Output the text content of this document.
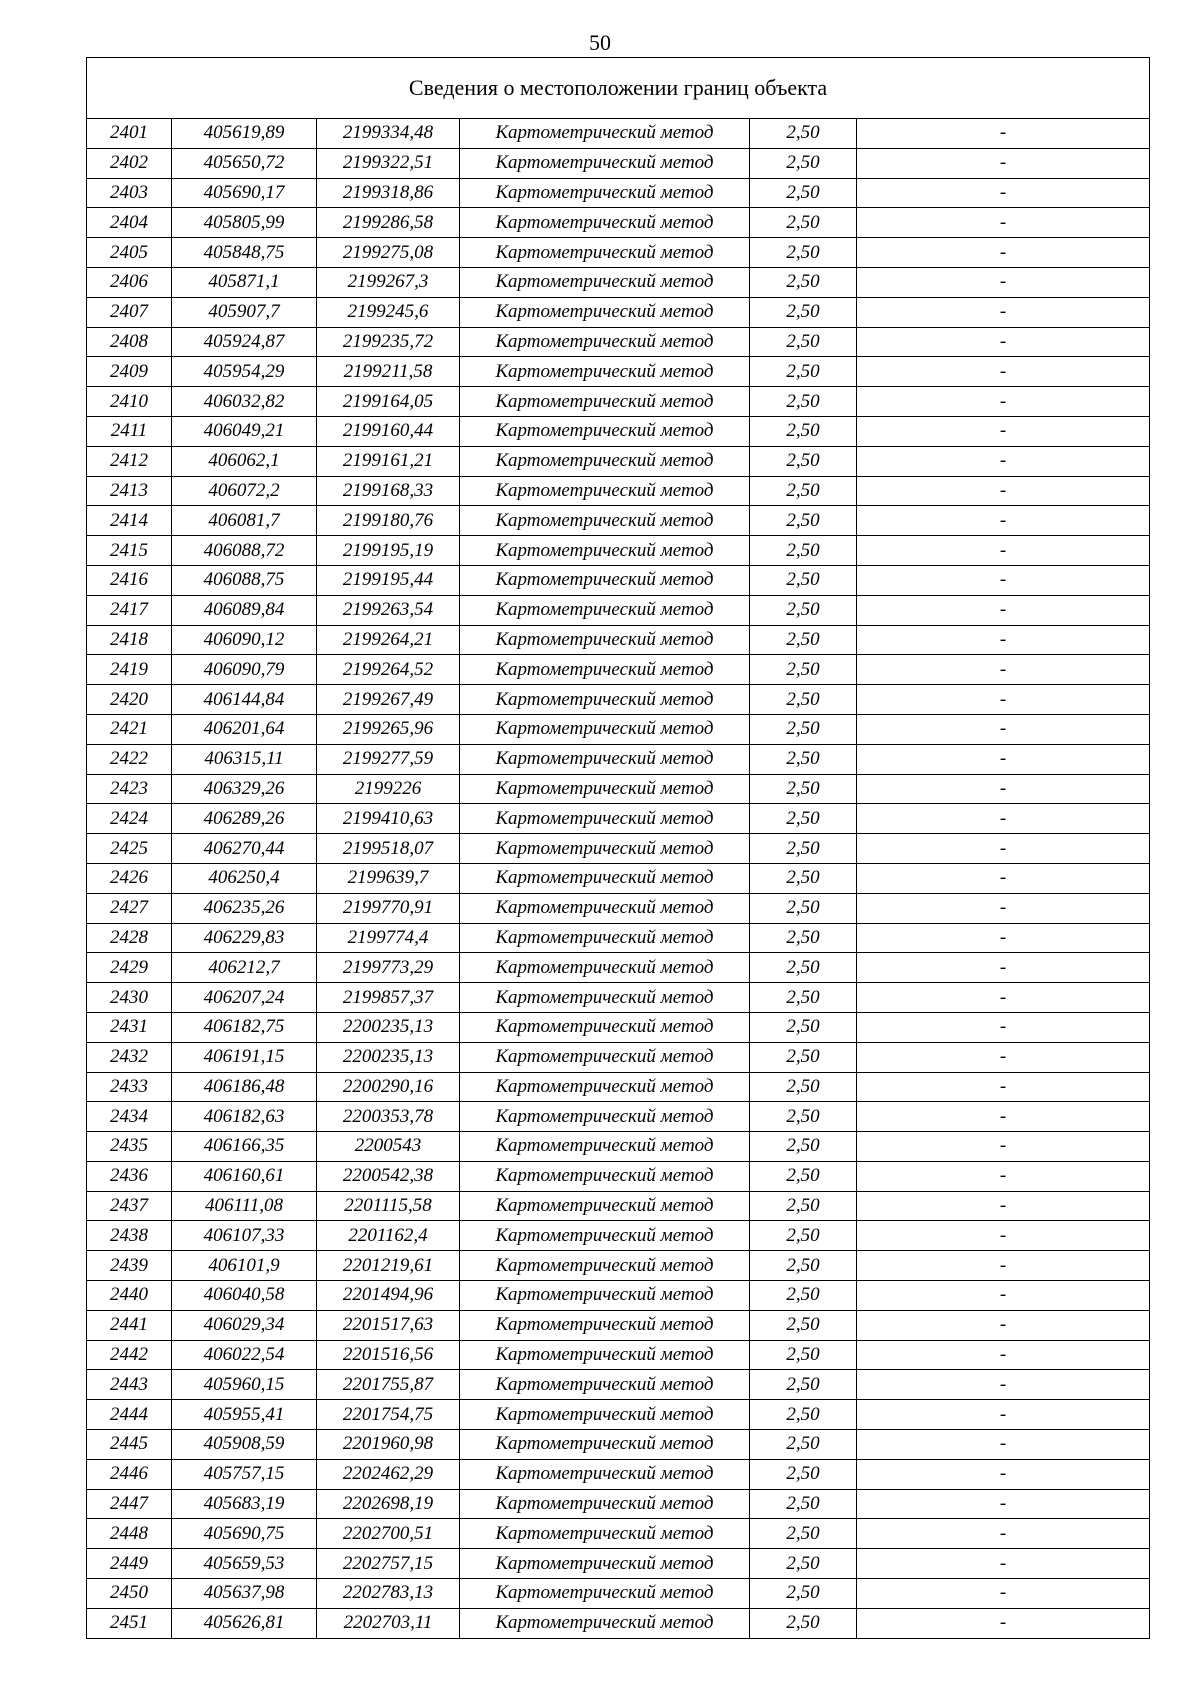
50
Сведения о местоположении границ объекта					
2401	405619,89	2199334,48	Картометрический метод	2,50	-
2402	405650,72	2199322,51	Картометрический метод	2,50	-
2403	405690,17	2199318,86	Картометрический метод	2,50	-
2404	405805,99	2199286,58	Картометрический метод	2,50	-
2405	405848,75	2199275,08	Картометрический метод	2,50	-
2406	405871,1	2199267,3	Картометрический метод	2,50	-
2407	405907,7	2199245,6	Картометрический метод	2,50	-
2408	405924,87	2199235,72	Картометрический метод	2,50	-
2409	405954,29	2199211,58	Картометрический метод	2,50	-
2410	406032,82	2199164,05	Картометрический метод	2,50	-
2411	406049,21	2199160,44	Картометрический метод	2,50	-
2412	406062,1	2199161,21	Картометрический метод	2,50	-
2413	406072,2	2199168,33	Картометрический метод	2,50	-
2414	406081,7	2199180,76	Картометрический метод	2,50	-
2415	406088,72	2199195,19	Картометрический метод	2,50	-
2416	406088,75	2199195,44	Картометрический метод	2,50	-
2417	406089,84	2199263,54	Картометрический метод	2,50	-
2418	406090,12	2199264,21	Картометрический метод	2,50	-
2419	406090,79	2199264,52	Картометрический метод	2,50	-
2420	406144,84	2199267,49	Картометрический метод	2,50	-
2421	406201,64	2199265,96	Картометрический метод	2,50	-
2422	406315,11	2199277,59	Картометрический метод	2,50	-
2423	406329,26	2199226	Картометрический метод	2,50	-
2424	406289,26	2199410,63	Картометрический метод	2,50	-
2425	406270,44	2199518,07	Картометрический метод	2,50	-
2426	406250,4	2199639,7	Картометрический метод	2,50	-
2427	406235,26	2199770,91	Картометрический метод	2,50	-
2428	406229,83	2199774,4	Картометрический метод	2,50	-
2429	406212,7	2199773,29	Картометрический метод	2,50	-
2430	406207,24	2199857,37	Картометрический метод	2,50	-
2431	406182,75	2200235,13	Картометрический метод	2,50	-
2432	406191,15	2200235,13	Картометрический метод	2,50	-
2433	406186,48	2200290,16	Картометрический метод	2,50	-
2434	406182,63	2200353,78	Картометрический метод	2,50	-
2435	406166,35	2200543	Картометрический метод	2,50	-
2436	406160,61	2200542,38	Картометрический метод	2,50	-
2437	406111,08	2201115,58	Картометрический метод	2,50	-
2438	406107,33	2201162,4	Картометрический метод	2,50	-
2439	406101,9	2201219,61	Картометрический метод	2,50	-
2440	406040,58	2201494,96	Картометрический метод	2,50	-
2441	406029,34	2201517,63	Картометрический метод	2,50	-
2442	406022,54	2201516,56	Картометрический метод	2,50	-
2443	405960,15	2201755,87	Картометрический метод	2,50	-
2444	405955,41	2201754,75	Картометрический метод	2,50	-
2445	405908,59	2201960,98	Картометрический метод	2,50	-
2446	405757,15	2202462,29	Картометрический метод	2,50	-
2447	405683,19	2202698,19	Картометрический метод	2,50	-
2448	405690,75	2202700,51	Картометрический метод	2,50	-
2449	405659,53	2202757,15	Картометрический метод	2,50	-
2450	405637,98	2202783,13	Картометрический метод	2,50	-
2451	405626,81	2202703,11	Картометрический метод	2,50	-
